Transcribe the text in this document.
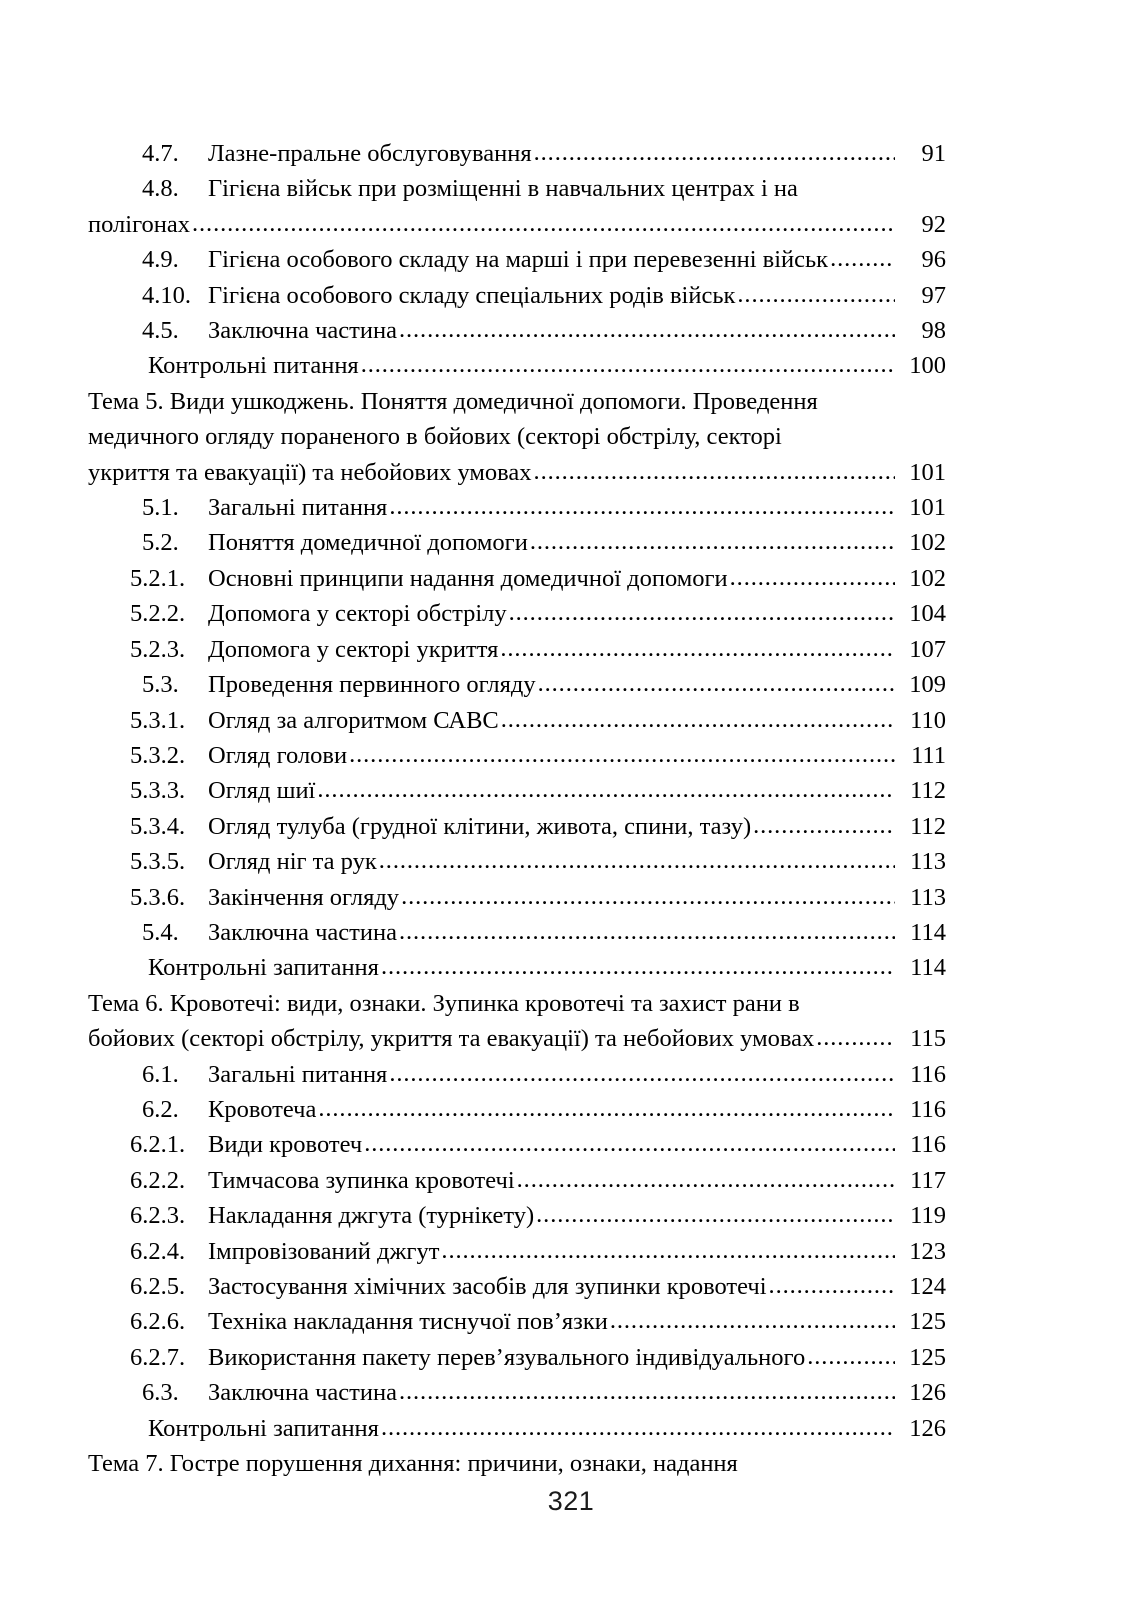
4.7.	Лазне-пральне обслуговування .....	91
4.8.	Гігієна військ при розміщенні в навчальних центрах і на
полігонах .....	92
4.9.	Гігієна особового складу на марші і при перевезенні військ .....	96
4.10. Гігієна особового складу спеціальних родів військ .....	97
4.5.	Заключна частина .....	98
Контрольні питання .....	100
Тема 5. Види ушкоджень. Поняття домедичної допомоги. Проведення
медичного огляду пораненого в бойових (секторі обстрілу, секторі
укриття та евакуації) та небойових умовах .....	101
5.1.	Загальні питання .....	101
5.2.	Поняття домедичної допомоги .....	102
5.2.1. Основні принципи надання домедичної допомоги .....	102
5.2.2. Допомога у секторі обстрілу .....	104
5.2.3. Допомога у секторі укриття .....	107
5.3.	Проведення первинного огляду .....	109
5.3.1. Огляд за алгоритмом САВС .....	110
5.3.2. Огляд голови .....	111
5.3.3. Огляд шиї .....	112
5.3.4. Огляд тулуба (грудної клітини, живота, спини, тазу) .....	112
5.3.5. Огляд ніг та рук .....	113
5.3.6. Закінчення огляду .....	113
5.4.	Заключна частина .....	114
Контрольні запитання .....	114
Тема 6. Кровотечі: види, ознаки. Зупинка кровотечі та захист рани в
бойових (секторі обстрілу, укриття та евакуації) та небойових умовах .....	115
6.1.	Загальні питання .....	116
6.2.	Кровотеча .....	116
6.2.1. Види кровотеч .....	116
6.2.2. Тимчасова зупинка кровотечі .....	117
6.2.3. Накладання джгута (турнікету) .....	119
6.2.4. Імпровізований джгут .....	123
6.2.5. Застосування хімічних засобів для зупинки кровотечі .....	124
6.2.6. Техніка накладання тиснучої пов’язки .....	125
6.2.7. Використання пакету перев’язувального індивідуального .....	125
6.3.	Заключна частина .....	126
Контрольні запитання .....	126
Тема 7. Гостре порушення дихання: причини, ознаки, надання
321
